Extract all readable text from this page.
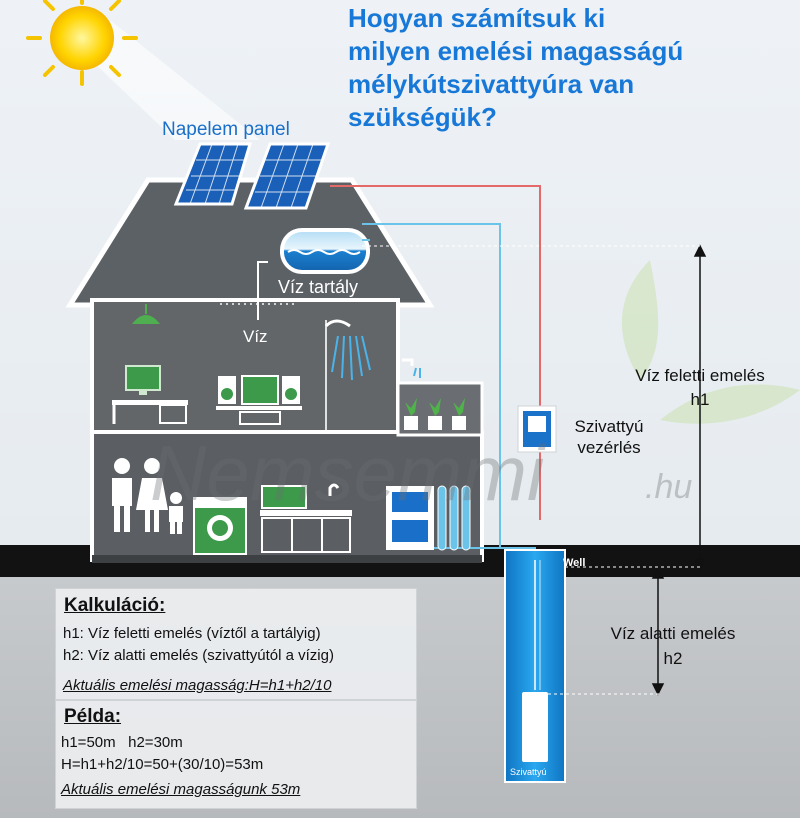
Nemsemmi	.hu
Hogyan számítsuk ki
milyen emelési magasságú
mélykútszivattyúra van
szükségük?
Napelem panel
Víz tartály
Víz
Szivattyú
vezérlés
Víz feletti emelés
h1
Víz alatti emelés
h2
Well
Szivattyú
Kalkuláció:
h1: Víz feletti emelés (víztől a tartályig)
h2: Víz alatti emelés (szivattyútól a vízig)
Aktuális emelési magasság:H=h1+h2/10
Példa:
h1=50m   h2=30m
H=h1+h2/10=50+(30/10)=53m
Aktuális emelési magasságunk 53m
